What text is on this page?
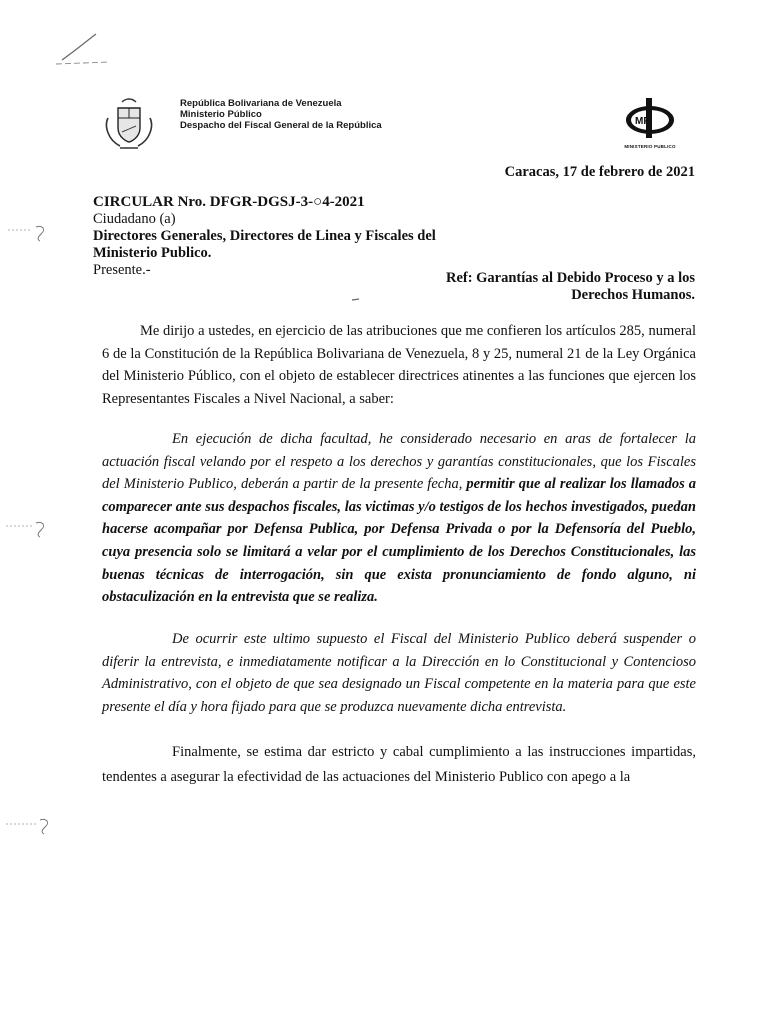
República Bolivariana de Venezuela
Ministerio Público
Despacho del Fiscal General de la República	MP
MINISTERIO PUBLICO
Caracas, 17 de febrero de 2021
CIRCULAR Nro. DFGR-DGSJ-3-○4-2021
Ciudadano (a)
Directores Generales, Directores de Linea y Fiscales del
Ministerio Publico.
Presente.-	Ref: Garantías al Debido Proceso y a los
Derechos Humanos.
Me dirijo a ustedes, en ejercicio de las atribuciones que me confieren los artículos 285, numeral 6 de la Constitución de la República Bolivariana de Venezuela, 8 y 25, numeral 21 de la Ley Orgánica del Ministerio Público, con el objeto de establecer directrices atinentes a las funciones que ejercen los Representantes Fiscales a Nivel Nacional, a saber:
En ejecución de dicha facultad, he considerado necesario en aras de fortalecer la actuación fiscal velando por el respeto a los derechos y garantías constitucionales, que los Fiscales del Ministerio Publico, deberán a partir de la presente fecha, permitir que al realizar los llamados a comparecer ante sus despachos fiscales, las victimas y/o testigos de los hechos investigados, puedan hacerse acompañar por Defensa Publica, por Defensa Privada o por la Defensoría del Pueblo, cuya presencia solo se limitará a velar por el cumplimiento de los Derechos Constitucionales, las buenas técnicas de interrogación, sin que exista pronunciamiento de fondo alguno, ni obstaculización en la entrevista que se realiza.
De ocurrir este ultimo supuesto el Fiscal del Ministerio Publico deberá suspender o diferir la entrevista, e inmediatamente notificar a la Dirección en lo Constitucional y Contencioso Administrativo, con el objeto de que sea designado un Fiscal competente en la materia para que este presente el día y hora fijado para que se produzca nuevamente dicha entrevista.
Finalmente, se estima dar estricto y cabal cumplimiento a las instrucciones impartidas, tendentes a asegurar la efectividad de las actuaciones del Ministerio Publico con apego a la
